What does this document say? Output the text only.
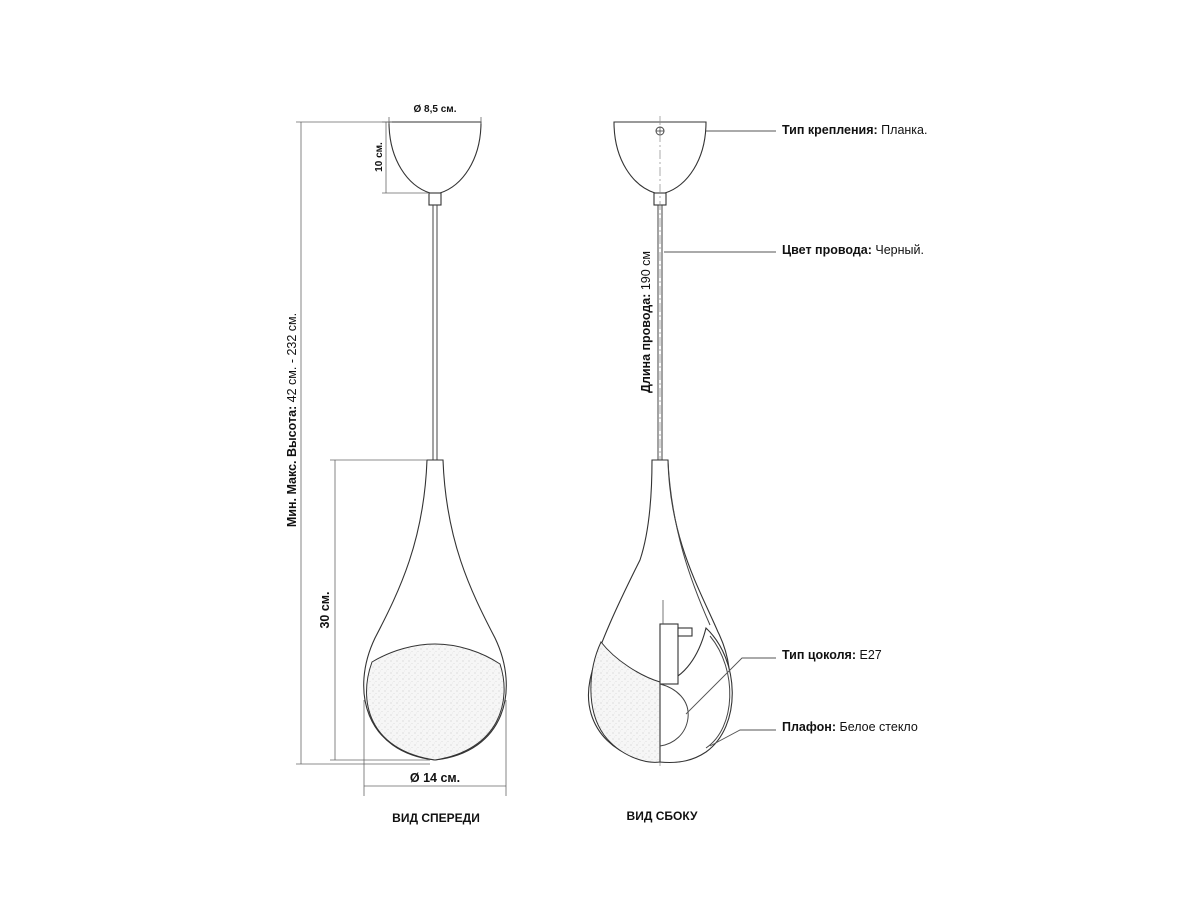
Ø 8,5 см.
10 см.
Мин. Макс. Высота: 42 см. - 232 см.
30 см.
Ø 14 см.
ВИД СПЕРЕДИ
Длина провода: 190 см
ВИД СБОКУ
Тип крепления: Планка.
Цвет провода: Черный.
Тип цоколя: E27
Плафон: Белое стекло
